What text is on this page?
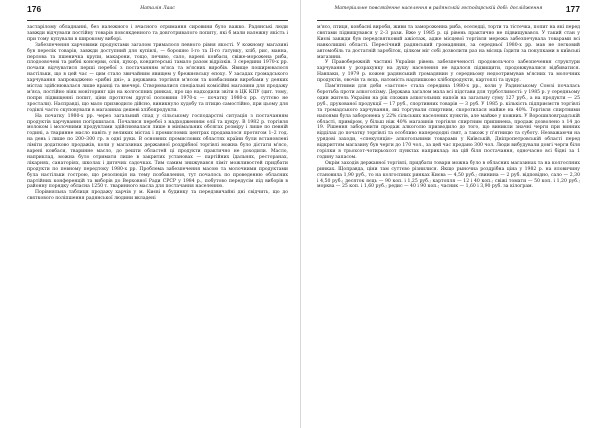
176	Наталія Лаас

застарілому обладнанні, без належного і вчасного отримання сировини було важко. Радянські люди завжди відчували постійну товарів повсякденного та довготривалого попиту, які б мали належну якість і при тому купували в широкому виборі.

Забезпечення харчовими продуктами загалом трималося певного рівня якості. У кожному магазині був перелік товарів, завжди доступний для купівлі, — борошно I-го та II-го ґатунку, хліб, рис, манна, перлова та пшеничка крупи, макарони, тощо, печиво, сало, варені ковбаси, свіже-морожена риба, плодоовочеві та рибні консерви, олія, цукор, кондитерські тамало разом відрізків. З середини 1970-х рр. почали відчуватися перші перебої з постачанням м'яса та м'ясних виробів. Явище поширювалося настільки, що в цей час — цим стало звичайним явищем у брежнєвську епоху. У засадах громадського харчування запроваджено «рибні дні», а державна торгівля м'ясом та ковбасними виробами у деяких містах здійснювалася лише вранці та ввечері. Створювалися спеціальні комісійні магазини для продажу м'яса, постійно ніяк моніторинг цін на колгоспних ринках, про що надходили звіти в ЦК КПУ (цит. тому, попри підвищенні попит, ціни протягом другої половини 1970-х — початку 1980-х рр. суттєво не зростали). Насправді, що мало призводило дійсно, виникнуло худобу та птицю самостійно, при цьому для годівлі часто скуповували в магазинах дешеві хлібопродукти.

На початку 1980-х рр. через загальний спад у сільському господарстві ситуація з постачанням продуктів харчування погіршилася. Почалися перебої з надходженням олії та цукру. В 1982 р. торгівля молоком і молочними продуктами здійснювалася лише в мінімальних обсягах розміру і лише по певній годині, а тваринне масло навіть у великих містах і промислових центрах продавалося протягом 1–2 год. на день і лише по 200–300 гр. в одні руки. В основних промислових областях країни були встановлені ліміти додатково продажів, коли у магазинах державної роздрібної торгівлі можна було дістати м'ясо, варені ковбаси, тваринне масло, до решти областей ці продукти практично не доходили. Масло, наприклад, можна було отримати лише в закритих установах — партійних їдальнях, ресторанах, лікарнях, санаторіях, школах і дитячих садочках. Тим самим знижувався ліміт можливостей придбати продукти по певному передтоку 1980-х рр. Проблема забезпечення масою та молочними продуктами була настільки гострою, що резолюція на тему позбавлення, тут почалось по проведенню обласних партійних конференцій та виборів до Верховної Ради СРСР у 1984 р., побутово передусім під виборів в районну порядку обласна 1250 т. тваринного масла для постачання населенню.

Порівняльна таблиця продажу харчів у м. Києві в будинку та передзвичайні дні свідчить, що до святкового поліпшення радянської людини вкладені

Матеріальне повсякденне населення в радянській господарській добі: дослідження	177

м'ясо, птиця, ковбасні вироби, живи та замороженна риба, оселедці, торти та тістечка, попит на які перед святами підвищувався у 2–3 рази. Вже у 1985 р. ці рівень практично не підвищувався. У такий стан у Києві завжди був передсвятковий ажіотаж, адже місцевої торгівля мережа забезпечувала товарами всі навколишні області. Пересічний радянський громадянин, за середньої 1980-х рр. мав не легковий автомобіль та достатній заробіток, цілком міг собі дозволити раз на місяць їздити за покупками в київські магазини.

У Правобережній частині України рівень забезпеченості продовольчого забезпечення структури харчування у розрахунку на душу населення не вдалося підвищити, продовжувалися відбиватися. Навпаки, у 1979 р. кожен радянський громадянин у середньому недоотримував м'ясних та молочних продуктів, овочів та яєць, натомість надлишково хлібопродукти, картоплі та цукру.

Пам'ятними для доби «застою» стала середина 1980-х рр., коли у Радянському Союзі почалась боротьба проти алкоголізму. Держава загалом мала всі підстави для турботливості: у 1985 р. у середньому один житель України на рік спожив алкогольних напоїв на загальну суму 127 руб., а на продукти — 25 руб., друкованої продукції — 17 руб., спортивних товарів — 3 руб. У 1985 р. кількість підприємств торгівлі та громадського харчування, які торгували спиртним, скоротилася майже на 40%. Торгівля спиртними напоями була заборонена у 22% сільських населених пунктів, але майже у кожних. У Ворошиловградській області, приміром, у більш ніж 40% магазинів торгівля спиртним припинена, продаж дозволено з 14 до 19. Рішення заборонити продаж алкоголю призводило до того, що виникли значні черги при винних відділах до початку торгівлі та особливо напередодні свят, а також у п'ятницю та суботу. Незважаючи на урядові заходи, «спекуляція» алкогольними товарами у Київській, Дніпропетровській області перед відкриттям магазину був черги до 170 чол., за цей час продано 300 чол. Люди вибудували довгі черги біля горілки в трьохсот-чотирьохсот пунктах наприклад: на цій біля постачання, одночасно всі бідні за 1 годину запасом.

Окрім заходів державної торгівлі, придбати товари можна було в обласних магазинах та на колгоспних ринках. Щоправда, ціни там суттєво різнилися. Якщо рыночна роздрібна ціна у 1982 р. на яловичину становила 1,90 руб., то на колгоспних ринках Києва — 4,50 руб.; свинина — 2 руб. відповідно, сало — 2,30 і 4,50 руб.; десяток яєць — 90 коп. і 1,25 руб.; картопля — 12 і 40 коп.; свіжі томати — 50 коп. і 1,20 руб.; морква — 25 коп. і 1,60 руб.; редис — 40 і 90 коп.; часник — 1,60 і 3,90 руб. за кілограм.
